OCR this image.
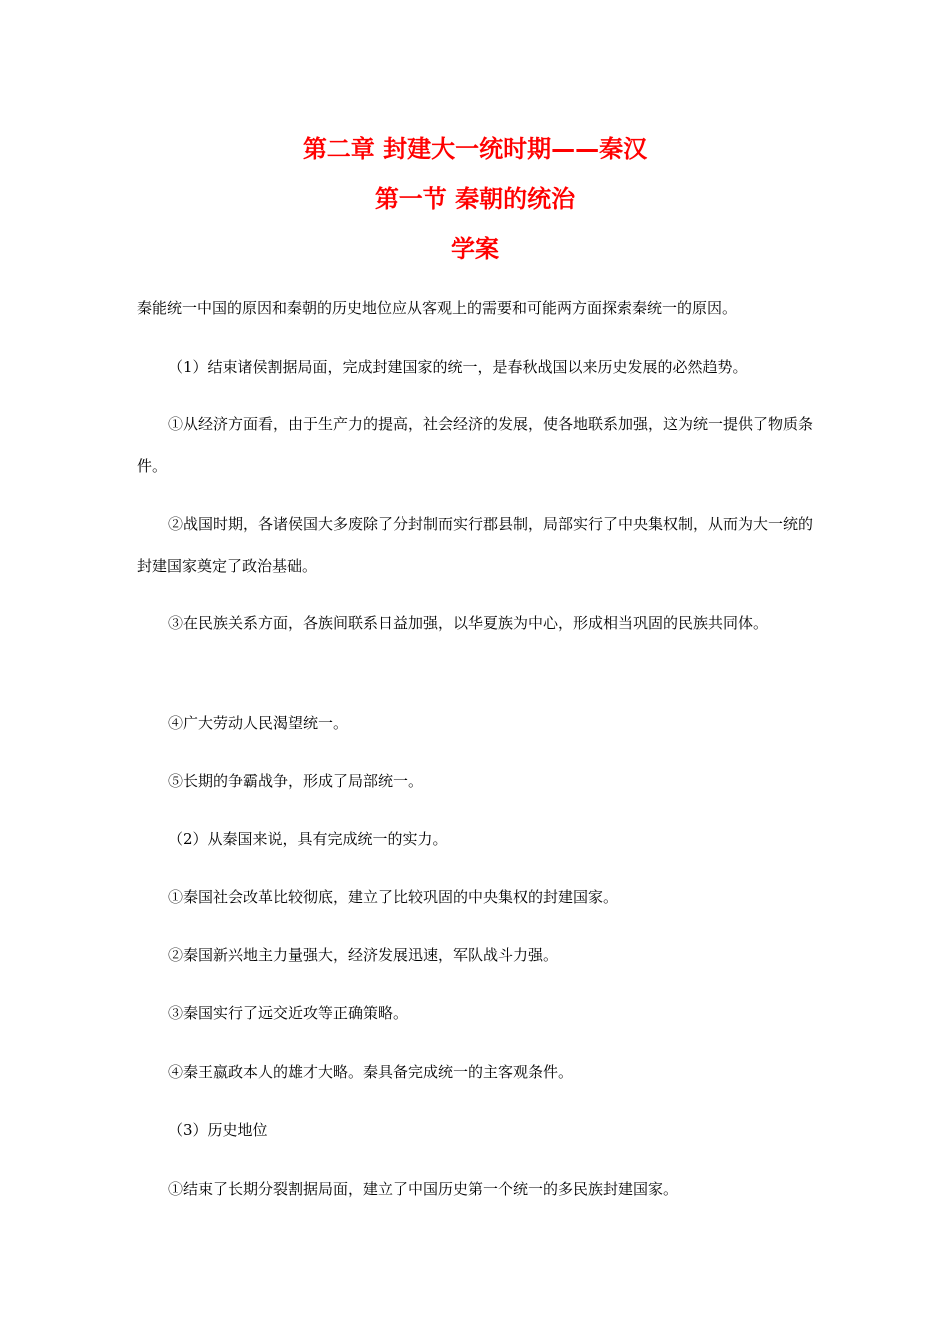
第二章 封建大一统时期——秦汉
第一节 秦朝的统治
学案

秦能统一中国的原因和秦朝的历史地位应从客观上的需要和可能两方面探索秦统一的原因。

（1）结束诸侯割据局面，完成封建国家的统一，是春秋战国以来历史发展的必然趋势。

①从经济方面看，由于生产力的提高，社会经济的发展，使各地联系加强，这为统一提供了物质条件。

②战国时期，各诸侯国大多废除了分封制而实行郡县制，局部实行了中央集权制，从而为大一统的封建国家奠定了政治基础。

③在民族关系方面，各族间联系日益加强，以华夏族为中心，形成相当巩固的民族共同体。

④广大劳动人民渴望统一。

⑤长期的争霸战争，形成了局部统一。

（2）从秦国来说，具有完成统一的实力。

①秦国社会改革比较彻底，建立了比较巩固的中央集权的封建国家。

②秦国新兴地主力量强大，经济发展迅速，军队战斗力强。

③秦国实行了远交近攻等正确策略。

④秦王嬴政本人的雄才大略。秦具备完成统一的主客观条件。

（3）历史地位

①结束了长期分裂割据局面，建立了中国历史第一个统一的多民族封建国家。
